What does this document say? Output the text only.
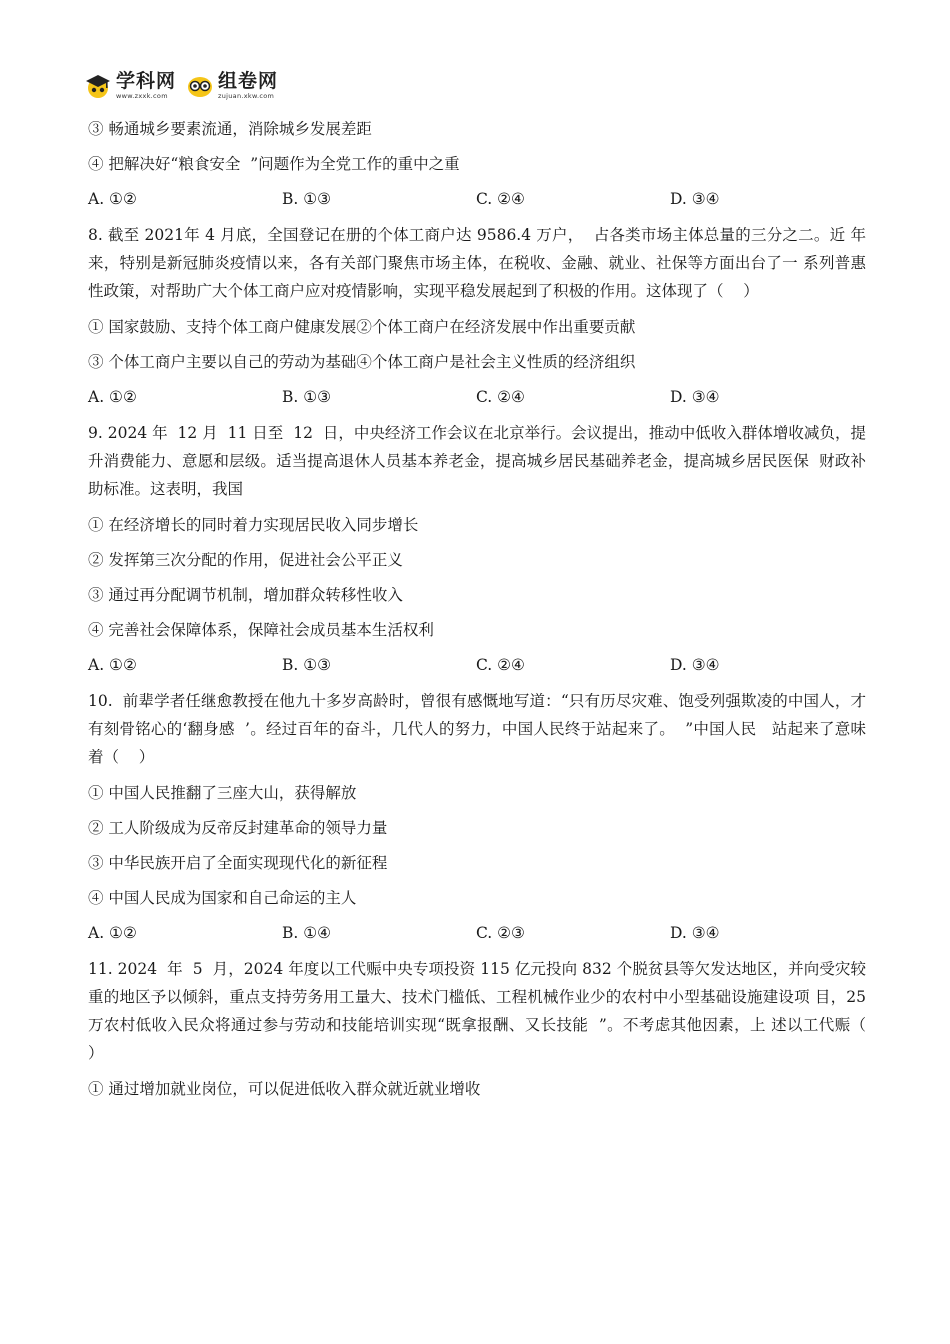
学科网
www.zxxk.com
组卷网
zujuan.xkw.com

③ 畅通城乡要素流通，消除城乡发展差距

④ 把解决好“粮食安全  ”问题作为全党工作的重中之重

A. ①②	B. ①③	C. ②④	D. ③④

8. 截至 2021年 4 月底，全国登记在册的个体工商户达 9586.4 万户，  占各类市场主体总量的三分之二。近 年来，特别是新冠肺炎疫情以来，各有关部门聚焦市场主体，在税收、金融、就业、社保等方面出台了一 系列普惠性政策，对帮助广大个体工商户应对疫情影响，实现平稳发展起到了积极的作用。这体现了（    ）

① 国家鼓励、支持个体工商户健康发展②个体工商户在经济发展中作出重要贡献

③ 个体工商户主要以自己的劳动为基础④个体工商户是社会主义性质的经济组织

A. ①②	B. ①③	C. ②④	D. ③④

9. 2024 年  12 月  11 日至  12  日，中央经济工作会议在北京举行。会议提出，推动中低收入群体增收减负，提 升消费能力、意愿和层级。适当提高退休人员基本养老金，提高城乡居民基础养老金，提高城乡居民医保  财政补助标准。这表明，我国

① 在经济增长的同时着力实现居民收入同步增长

② 发挥第三次分配的作用，促进社会公平正义

③ 通过再分配调节机制，增加群众转移性收入

④ 完善社会保障体系，保障社会成员基本生活权利

A. ①②	B. ①③	C. ②④	D. ③④

10.  前辈学者任继愈教授在他九十多岁高龄时，曾很有感慨地写道：“只有历尽灾难、饱受列强欺凌的中国人，才有刻骨铭心的‘翻身感  ’。经过百年的奋斗，几代人的努力，中国人民终于站起来了。  ”中国人民   站起来了意味着（    ）

① 中国人民推翻了三座大山，获得解放

② 工人阶级成为反帝反封建革命的领导力量

③ 中华民族开启了全面实现现代化的新征程

④ 中国人民成为国家和自己命运的主人

A. ①②	B. ①④	C. ②③	D. ③④

11. 2024  年  5  月，2024 年度以工代赈中央专项投资 115 亿元投向 832 个脱贫县等欠发达地区，并向受灾较 重的地区予以倾斜，重点支持劳务用工量大、技术门槛低、工程机械作业少的农村中小型基础设施建设项 目，25 万农村低收入民众将通过参与劳动和技能培训实现“既拿报酬、又长技能  ”。不考虑其他因素，上 述以工代赈（    ）

① 通过增加就业岗位，可以促进低收入群众就近就业增收
